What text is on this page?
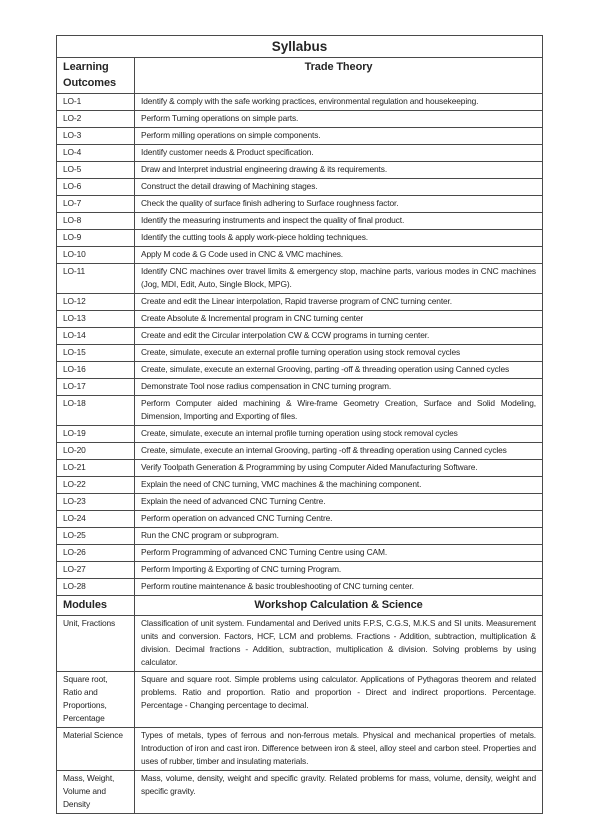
Syllabus	
Learning Outcomes	Trade Theory
LO-1	Identify & comply with the safe working practices, environmental regulation and housekeeping.
LO-2	Perform Turning operations on simple parts.
LO-3	Perform milling operations on simple components.
LO-4	Identify customer needs & Product specification.
LO-5	Draw and Interpret industrial engineering drawing & its requirements.
LO-6	Construct the detail drawing of Machining stages.
LO-7	Check the quality of surface finish adhering to Surface roughness factor.
LO-8	Identify the measuring instruments and inspect the quality of final product.
LO-9	Identify the cutting tools & apply work-piece holding techniques.
LO-10	Apply M code & G Code used in CNC & VMC machines.
LO-11	Identify CNC machines over travel limits & emergency stop, machine parts, various modes in CNC machines (Jog, MDI, Edit, Auto, Single Block, MPG).
LO-12	Create and edit the Linear interpolation, Rapid traverse program of CNC turning center.
LO-13	Create Absolute & Incremental program in CNC turning center
LO-14	Create and edit the Circular interpolation CW & CCW programs in turning center.
LO-15	Create, simulate, execute an external profile turning operation using stock removal cycles
LO-16	Create, simulate, execute an external Grooving, parting -off & threading operation using Canned cycles
LO-17	Demonstrate Tool nose radius compensation in CNC turning program.
LO-18	Perform Computer aided machining & Wire-frame Geometry Creation, Surface and Solid Modeling, Dimension, Importing and Exporting of files.
LO-19	Create, simulate, execute an internal profile turning operation using stock removal cycles
LO-20	Create, simulate, execute an internal Grooving, parting -off & threading operation using Canned cycles
LO-21	Verify Toolpath Generation & Programming by using Computer Aided Manufacturing Software.
LO-22	Explain the need of CNC turning, VMC machines & the machining component.
LO-23	Explain the need of advanced CNC Turning Centre.
LO-24	Perform operation on advanced CNC Turning Centre.
LO-25	Run the CNC program or subprogram.
LO-26	Perform Programming of advanced CNC Turning Centre using CAM.
LO-27	Perform Importing & Exporting of CNC turning Program.
LO-28	Perform routine maintenance & basic troubleshooting of CNC turning center.
Modules	Workshop Calculation & Science
Unit, Fractions	Classification of unit system. Fundamental and Derived units F.P.S, C.G.S, M.K.S and SI units. Measurement units and conversion. Factors, HCF, LCM and problems. Fractions - Addition, subtraction, multiplication & division. Decimal fractions - Addition, subtraction, multiplication & division. Solving problems by using calculator.
Square root, Ratio and Proportions, Percentage	Square and square root. Simple problems using calculator. Applications of Pythagoras theorem and related problems. Ratio and proportion. Ratio and proportion - Direct and indirect proportions. Percentage. Percentage - Changing percentage to decimal.
Material Science	Types of metals, types of ferrous and non-ferrous metals. Physical and mechanical properties of metals. Introduction of iron and cast iron. Difference between iron & steel, alloy steel and carbon steel. Properties and uses of rubber, timber and insulating materials.
Mass, Weight, Volume and Density	Mass, volume, density, weight and specific gravity. Related problems for mass, volume, density, weight and specific gravity.
